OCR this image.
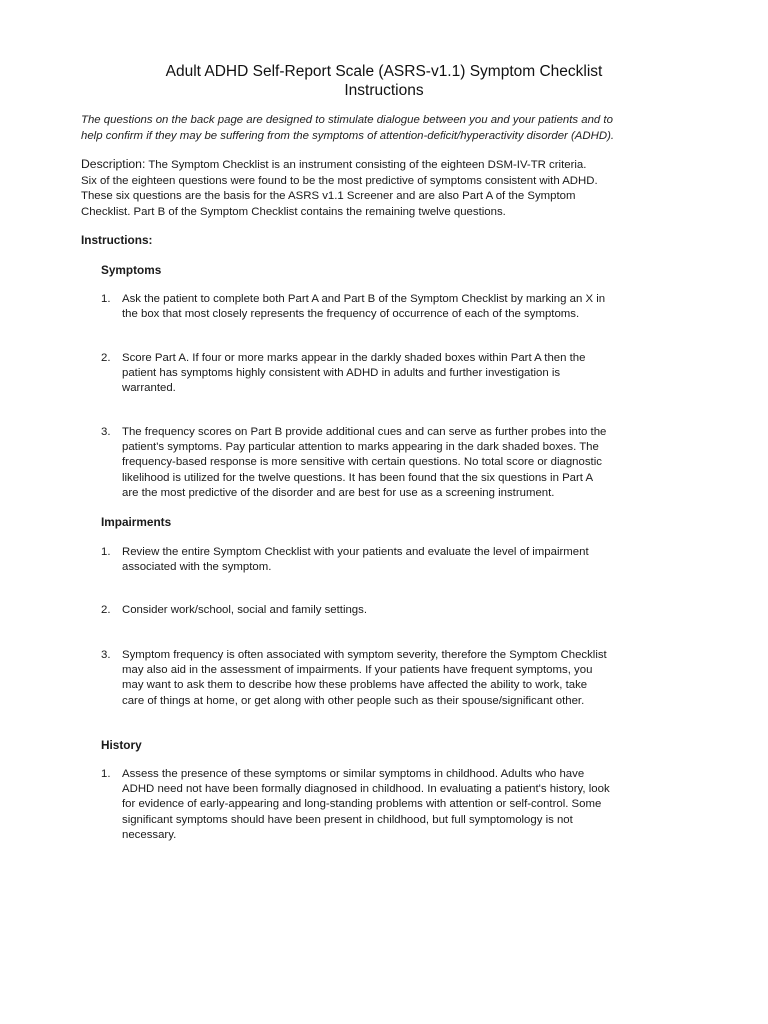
Adult ADHD Self-Report Scale (ASRS-v1.1) Symptom Checklist
Instructions
The questions on the back page are designed to stimulate dialogue between you and your patients and to help confirm if they may be suffering from the symptoms of attention-deficit/hyperactivity disorder (ADHD).
Description: The Symptom Checklist is an instrument consisting of the eighteen DSM-IV-TR criteria. Six of the eighteen questions were found to be the most predictive of symptoms consistent with ADHD. These six questions are the basis for the ASRS v1.1 Screener and are also Part A of the Symptom Checklist. Part B of the Symptom Checklist contains the remaining twelve questions.
Instructions:
Symptoms
1.	Ask the patient to complete both Part A and Part B of the Symptom Checklist by marking an X in the box that most closely represents the frequency of occurrence of each of the symptoms.
2.	Score Part A. If four or more marks appear in the darkly shaded boxes within Part A then the patient has symptoms highly consistent with ADHD in adults and further investigation is warranted.
3.	The frequency scores on Part B provide additional cues and can serve as further probes into the patient's symptoms. Pay particular attention to marks appearing in the dark shaded boxes. The frequency-based response is more sensitive with certain questions. No total score or diagnostic likelihood is utilized for the twelve questions. It has been found that the six questions in Part A are the most predictive of the disorder and are best for use as a screening instrument.
Impairments
1.	Review the entire Symptom Checklist with your patients and evaluate the level of impairment associated with the symptom.
2.	Consider work/school, social and family settings.
3.	Symptom frequency is often associated with symptom severity, therefore the Symptom Checklist may also aid in the assessment of impairments. If your patients have frequent symptoms, you may want to ask them to describe how these problems have affected the ability to work, take care of things at home, or get along with other people such as their spouse/significant other.
History
1.	Assess the presence of these symptoms or similar symptoms in childhood. Adults who have ADHD need not have been formally diagnosed in childhood. In evaluating a patient's history, look for evidence of early-appearing and long-standing problems with attention or self-control. Some significant symptoms should have been present in childhood, but full symptomology is not necessary.
